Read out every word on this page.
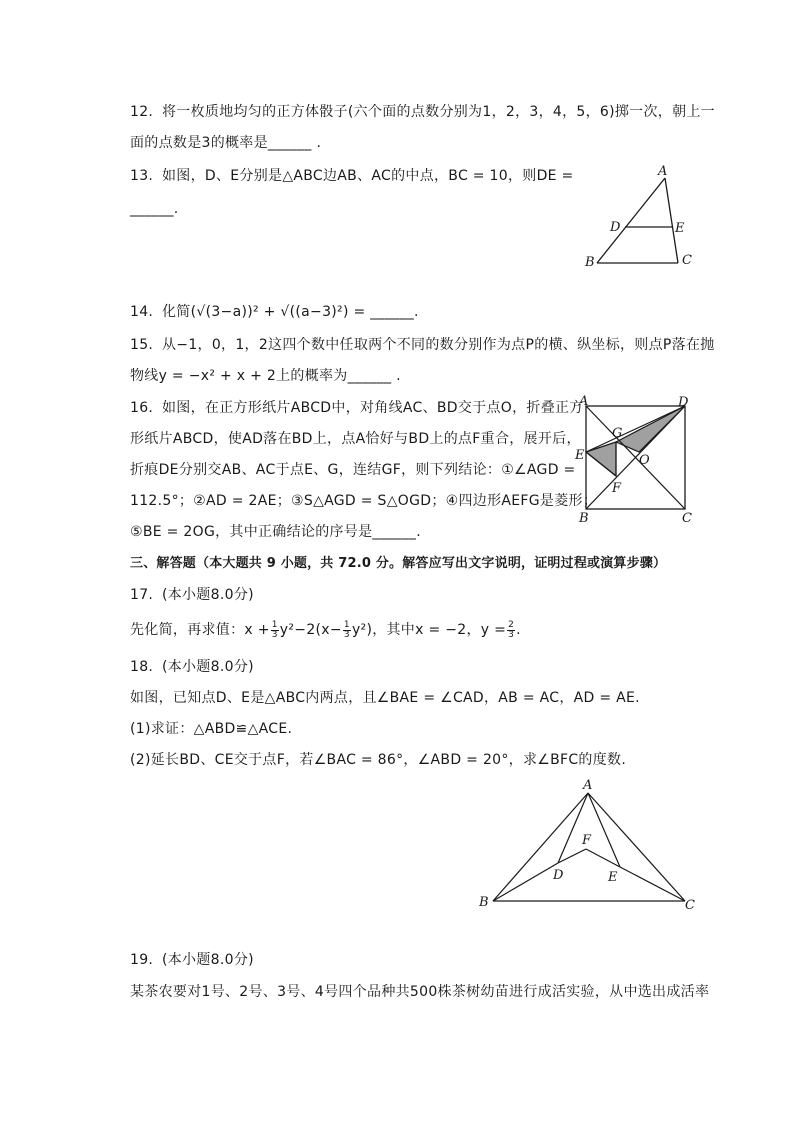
12. 将一枚质地均匀的正方体骰子(六个面的点数分别为1，2，3，4，5，6)掷一次，朝上一
面的点数是3的概率是______ .
13. 如图，D、E分别是△ABC边AB、AC的中点，BC = 10，则DE =
______.
A
D	E
B	C
14. 化简(√(3−a))² + √((a−3)²) = ______.
15. 从−1，0，1，2这四个数中任取两个不同的数分别作为点P的横、纵坐标，则点P落在抛
物线y = −x² + x + 2上的概率为______ .
16. 如图，在正方形纸片ABCD中，对角线AC、BD交于点O，折叠正方
形纸片ABCD，使AD落在BD上，点A恰好与BD上的点F重合，展开后，
折痕DE分别交AB、AC于点E、G，连结GF，则下列结论：①∠AGD =
112.5°；②AD = 2AE；③S△AGD = S△OGD；④四边形AEFG是菱形；
⑤BE = 2OG，其中正确结论的序号是______.
A	D
G
E	O
F
B	C
三、解答题（本大题共 9 小题，共 72.0 分。解答应写出文字说明，证明过程或演算步骤）
17. (本小题8.0分)
先化简，再求值：$x + \frac{1}{3} y^2-2(x- \frac{1}{3} y^2)$，其中x = −2，$y = \frac{2}{3}$ .
18. (本小题8.0分)
如图，已知点D、E是△ABC内两点，且∠BAE = ∠CAD，AB = AC，AD = AE.
(1)求证：△ABD≌△ACE.
(2)延长BD、CE交于点F，若∠BAC = 86°，∠ABD = 20°，求∠BFC的度数.
A
F
D	E
B	C
19. (本小题8.0分)
某茶农要对1号、2号、3号、4号四个品种共500株茶树幼苗进行成活实验，从中选出成活率
